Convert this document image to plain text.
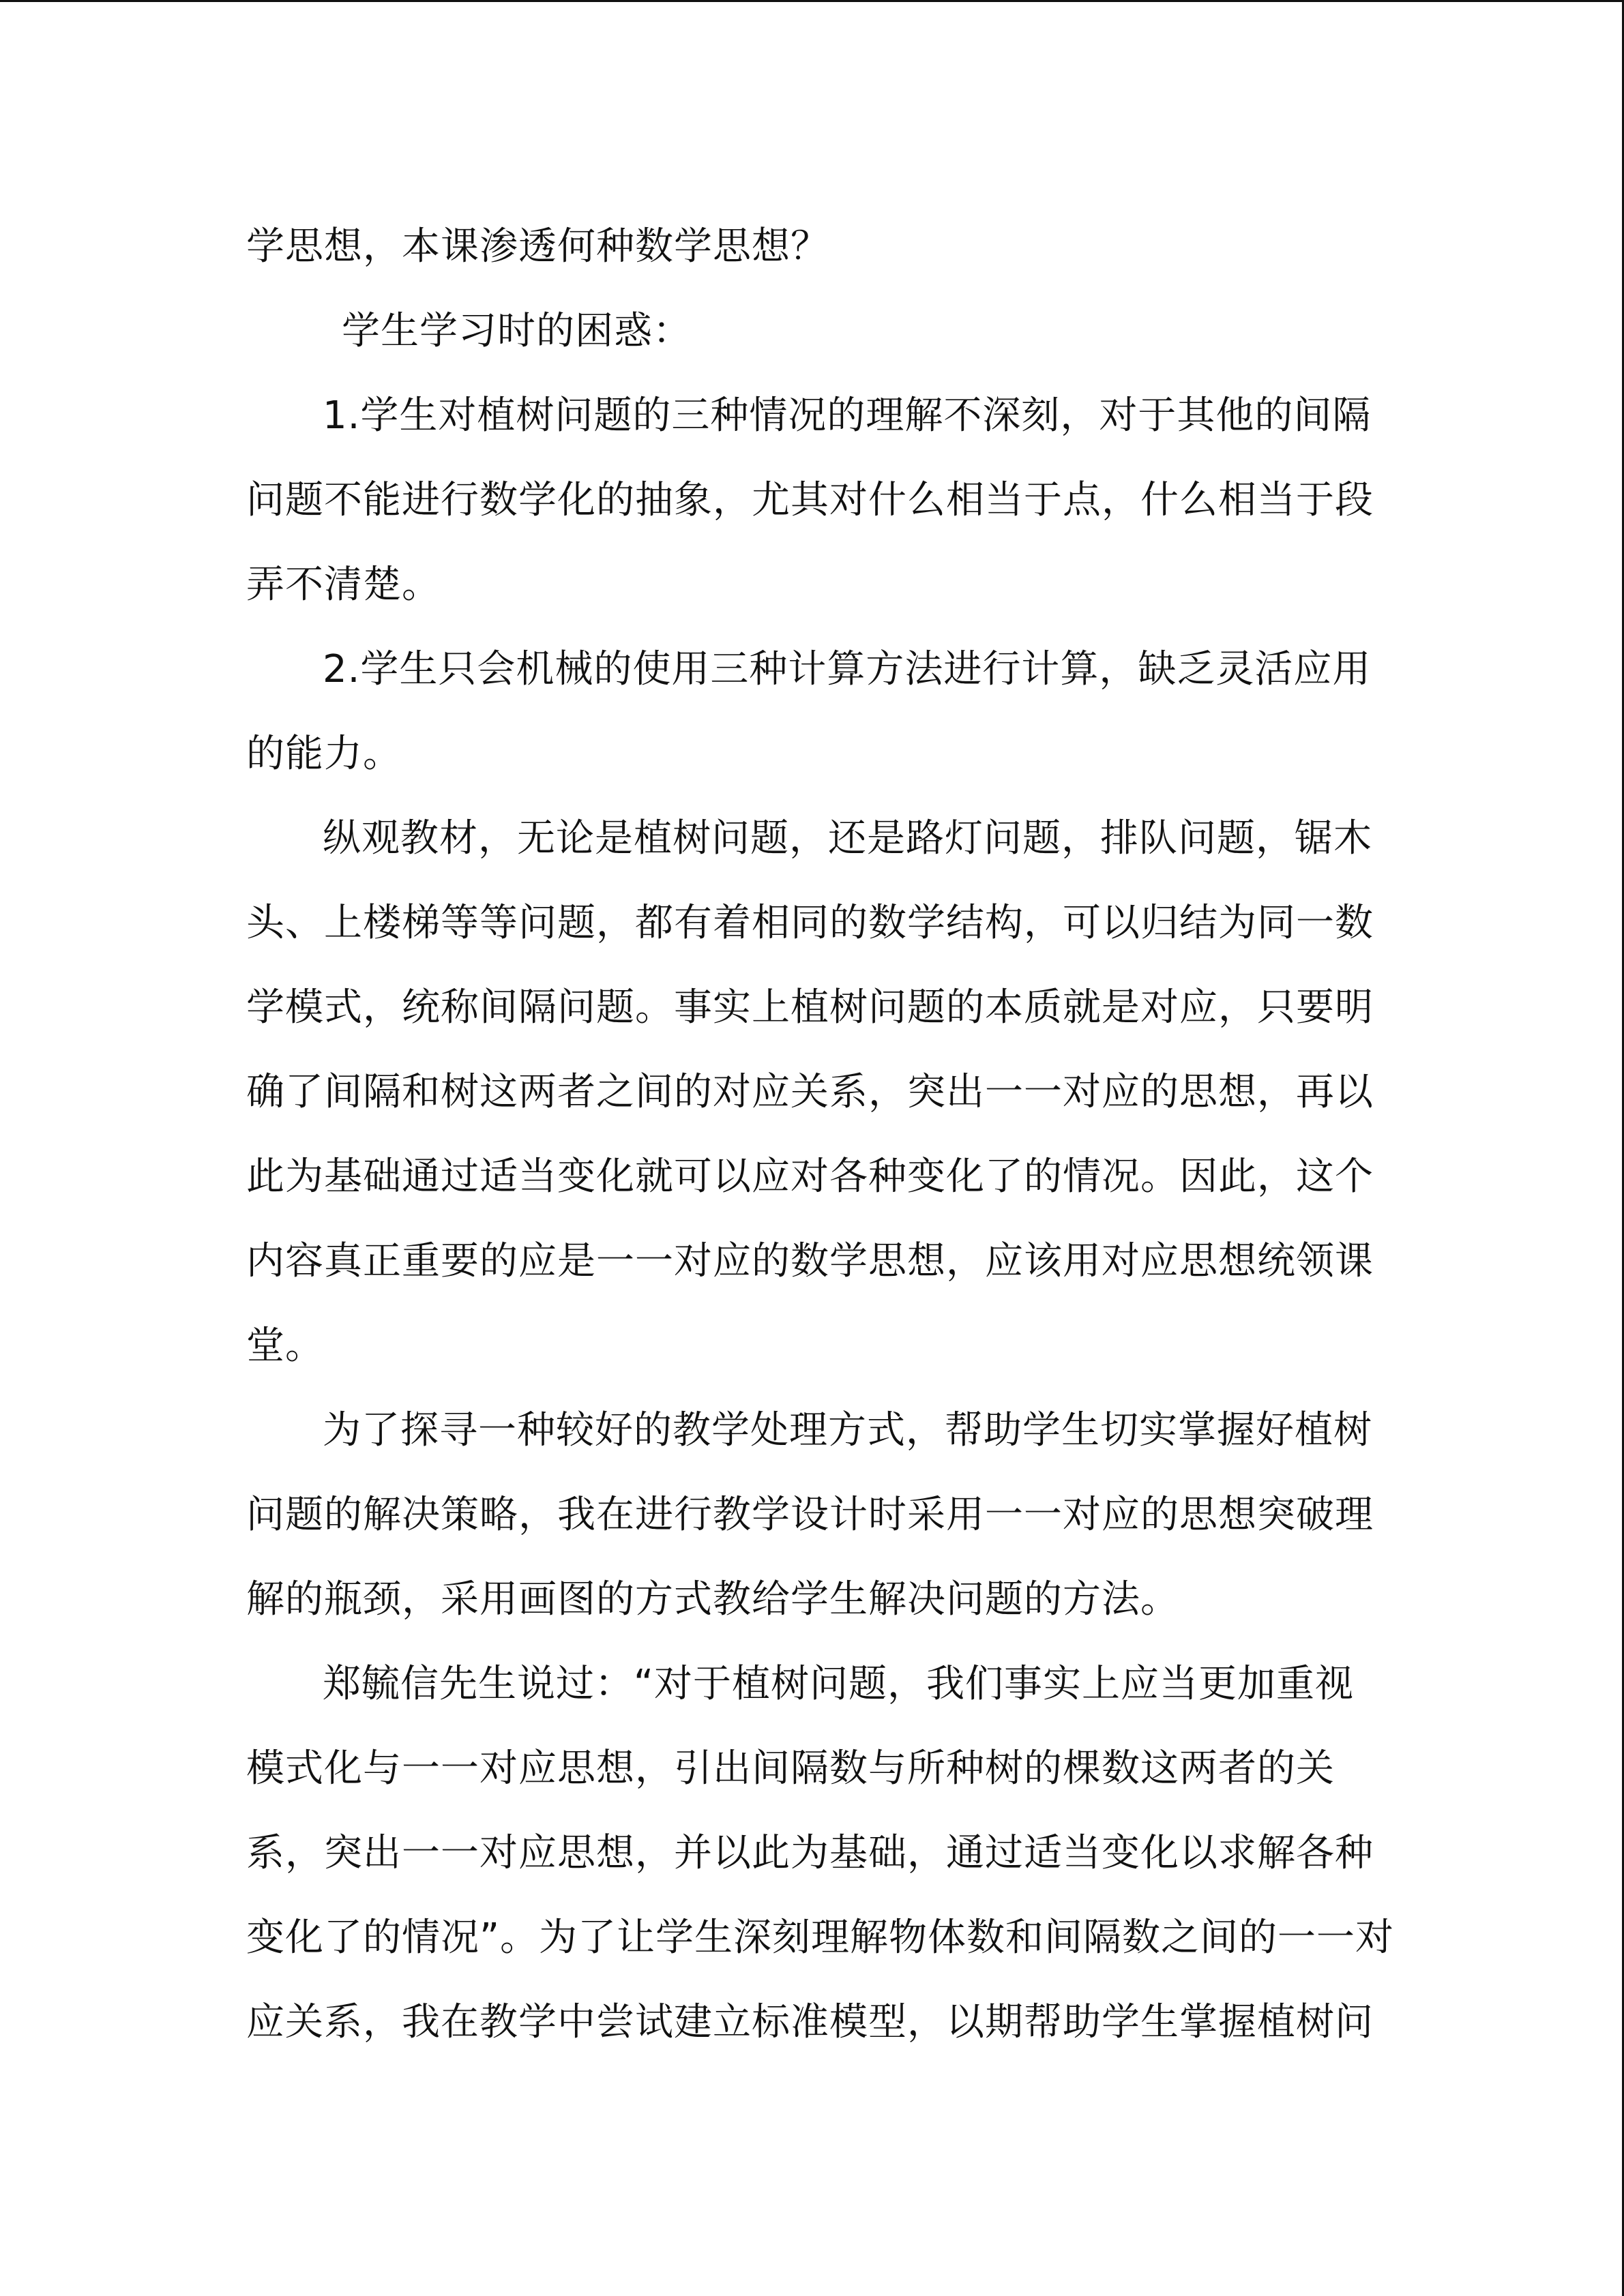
学思想，本课渗透何种数学思想？
学生学习时的困惑：
1.学生对植树问题的三种情况的理解不深刻，对于其他的间隔
问题不能进行数学化的抽象，尤其对什么相当于点，什么相当于段
弄不清楚。
2.学生只会机械的使用三种计算方法进行计算，缺乏灵活应用
的能力。
纵观教材，无论是植树问题，还是路灯问题，排队问题，锯木
头、上楼梯等等问题，都有着相同的数学结构，可以归结为同一数
学模式，统称间隔问题。事实上植树问题的本质就是对应，只要明
确了间隔和树这两者之间的对应关系，突出一一对应的思想，再以
此为基础通过适当变化就可以应对各种变化了的情况。因此，这个
内容真正重要的应是一一对应的数学思想，应该用对应思想统领课
堂。
为了探寻一种较好的教学处理方式，帮助学生切实掌握好植树
问题的解决策略，我在进行教学设计时采用一一对应的思想突破理
解的瓶颈，采用画图的方式教给学生解决问题的方法。
郑毓信先生说过：“对于植树问题，我们事实上应当更加重视
模式化与一一对应思想，引出间隔数与所种树的棵数这两者的关
系，突出一一对应思想，并以此为基础，通过适当变化以求解各种
变化了的情况”。为了让学生深刻理解物体数和间隔数之间的一一对
应关系，我在教学中尝试建立标准模型，以期帮助学生掌握植树问
